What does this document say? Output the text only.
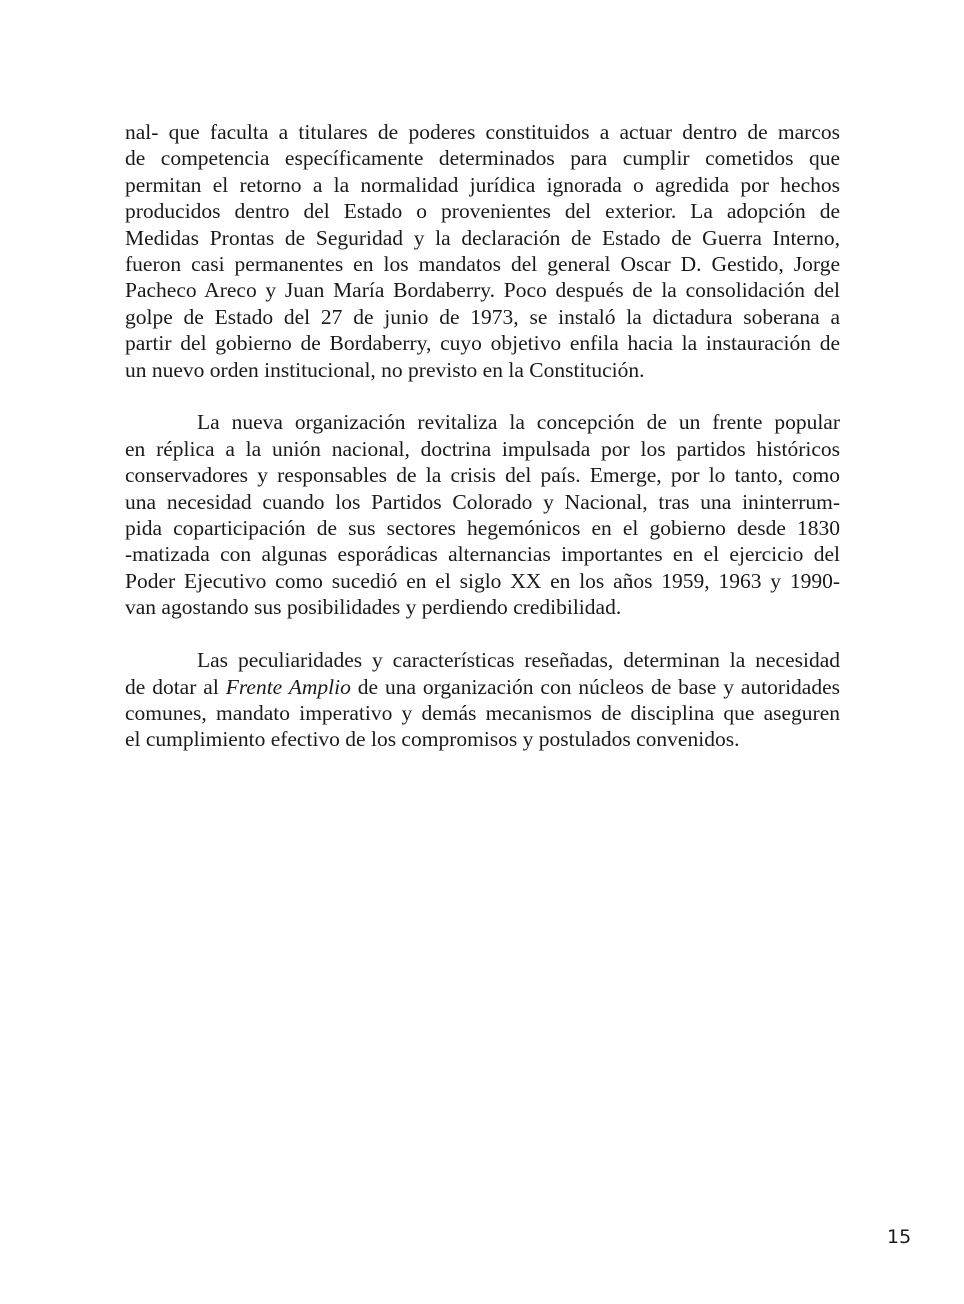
nal- que faculta a titulares de poderes constituidos a actuar dentro de marcos
de competencia específicamente determinados para cumplir cometidos que
permitan el retorno a la normalidad jurídica ignorada o agredida por hechos
producidos dentro del Estado o provenientes del exterior. La adopción de
Medidas Prontas de Seguridad y la declaración de Estado de Guerra Interno,
fueron casi permanentes en los mandatos del general Oscar D. Gestido, Jorge
Pacheco Areco y Juan María Bordaberry. Poco después de la consolidación del
golpe de Estado del 27 de junio de 1973, se instaló la dictadura soberana a
partir del gobierno de Bordaberry, cuyo objetivo enfila hacia la instauración de
un nuevo orden institucional, no previsto en la Constitución.

La nueva organización revitaliza la concepción de un frente popular
en réplica a la unión nacional, doctrina impulsada por los partidos históricos
conservadores y responsables de la crisis del país. Emerge, por lo tanto, como
una necesidad cuando los Partidos Colorado y Nacional, tras una ininterrum-
pida coparticipación de sus sectores hegemónicos en el gobierno desde 1830
-matizada con algunas esporádicas alternancias importantes en el ejercicio del
Poder Ejecutivo como sucedió en el siglo XX en los años 1959, 1963 y 1990-
van agostando sus posibilidades y perdiendo credibilidad.

Las peculiaridades y características reseñadas, determinan la necesidad
de dotar al Frente Amplio de una organización con núcleos de base y autoridades
comunes, mandato imperativo y demás mecanismos de disciplina que aseguren
el cumplimiento efectivo de los compromisos y postulados convenidos.

15
